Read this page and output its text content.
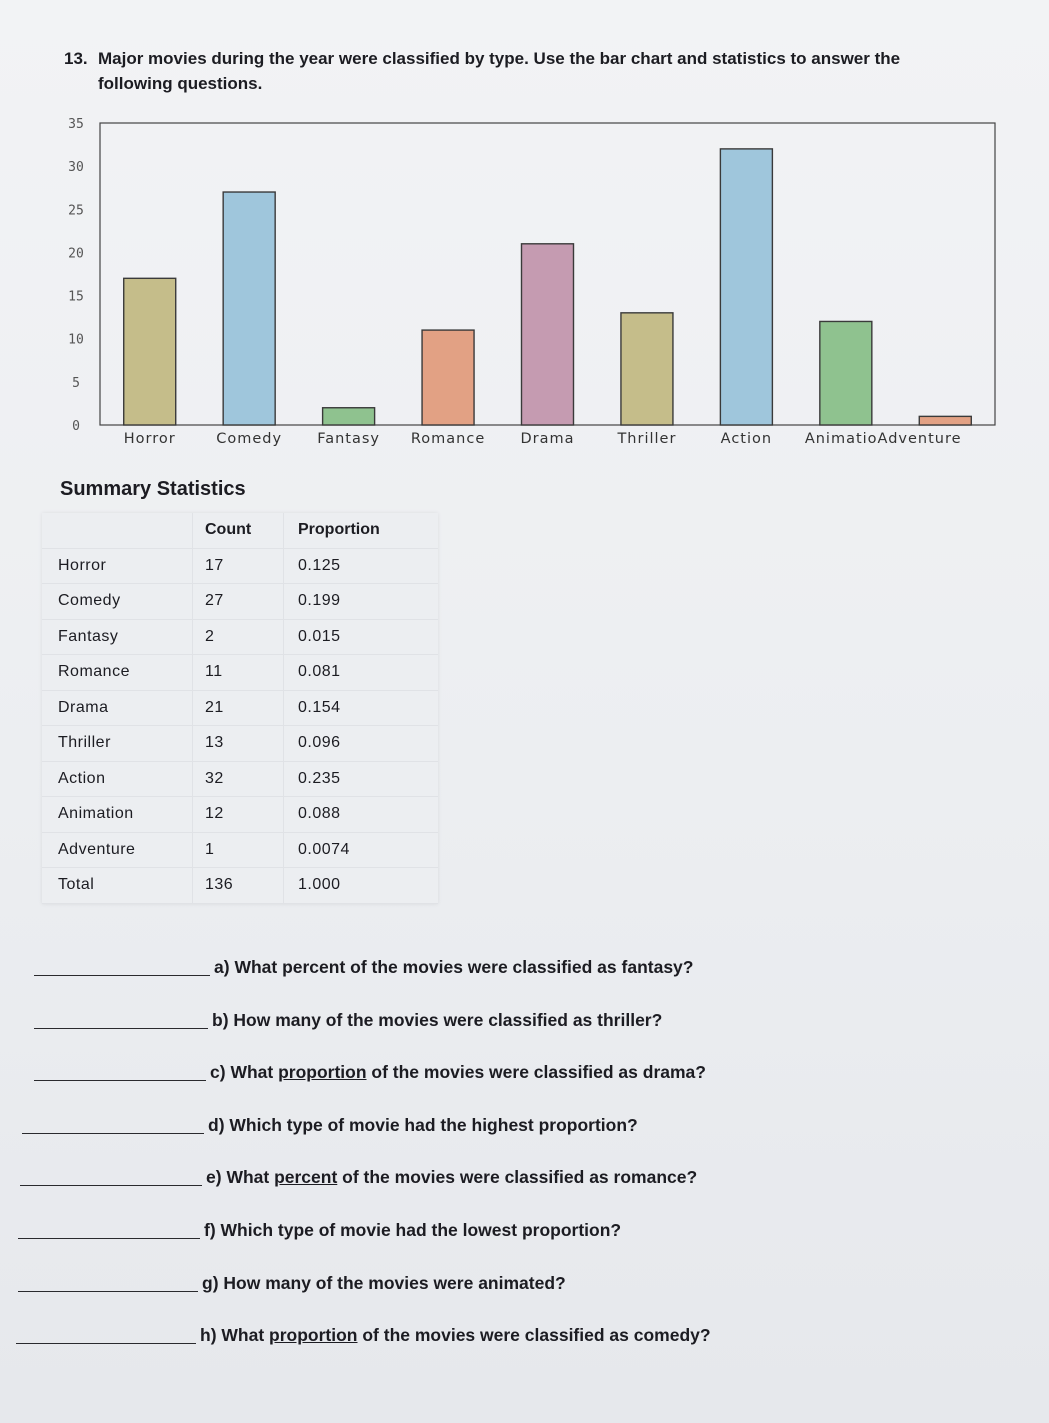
13. Major movies during the year were classified by type. Use the bar chart and statistics to answer the
following questions.
0
5
10
15
20
25
30
35
Horror	Comedy Fantasy Romance Drama	Thriller	Action Animatio Adventure
Summary Statistics
	Count	Proportion
Horror	17	0.125
Comedy	27	0.199
Fantasy	2	0.015
Romance	11	0.081
Drama	21	0.154
Thriller	13	0.096
Action	32	0.235
Animation	12	0.088
Adventure	1	0.0074
Total	136	1.000
a) What percent of the movies were classified as fantasy?
b) How many of the movies were classified as thriller?
c) What proportion of the movies were classified as drama?
d) Which type of movie had the highest proportion?
e) What percent of the movies were classified as romance?
f) Which type of movie had the lowest proportion?
g) How many of the movies were animated?
h) What proportion of the movies were classified as comedy?
